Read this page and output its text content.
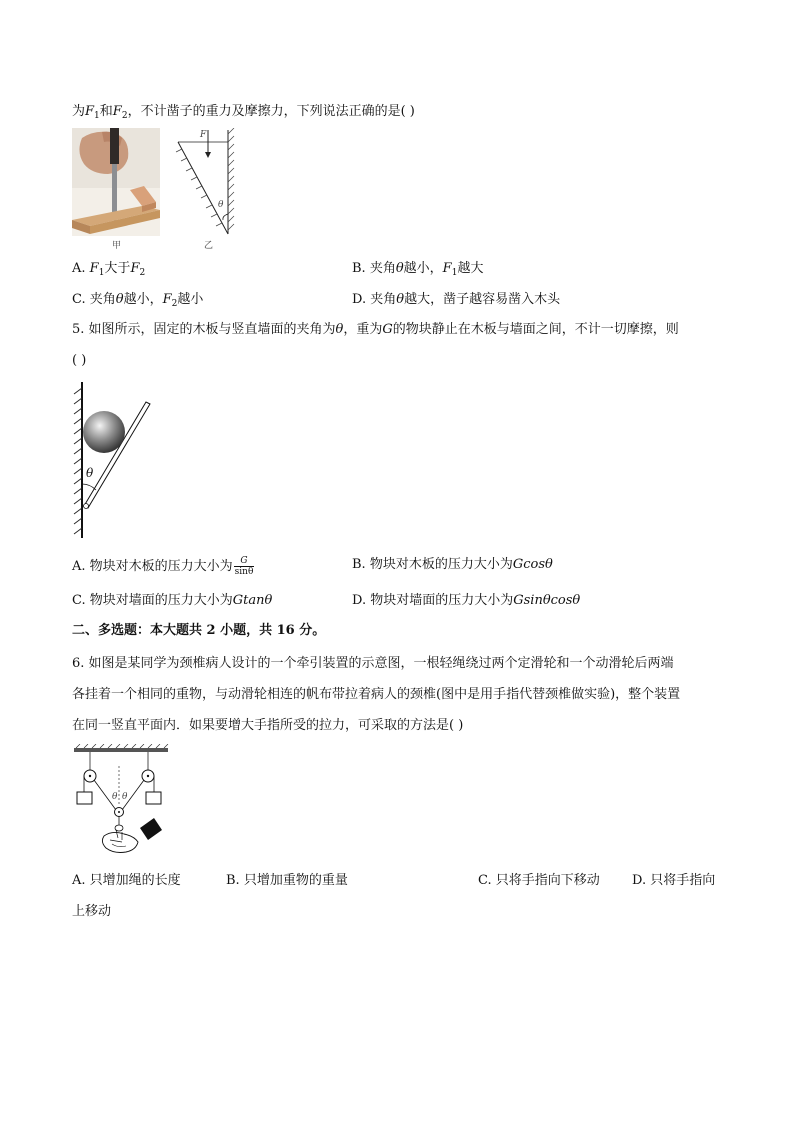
为$F_1$和$F_2$，不计凿子的重力及摩擦力，下列说法正确的是( )
甲
F
θ
乙
A. $F_1$大于$F_2$	B. 夹角θ越小，$F_1$越大
C. 夹角θ越小，$F_2$越小	D. 夹角θ越大，凿子越容易凿入木头
5. 如图所示，固定的木板与竖直墙面的夹角为θ，重为G的物块静止在木板与墙面之间，不计一切摩擦，则
( )
θ
A. 物块对木板的压力大小为 $\frac{G}{\sin\theta}$	B. 物块对木板的压力大小为Gcosθ
C. 物块对墙面的压力大小为Gtanθ	D. 物块对墙面的压力大小为Gsinθcosθ
二、多选题：本大题共 2 小题，共 16 分。
6. 如图是某同学为颈椎病人设计的一个牵引装置的示意图，一根轻绳绕过两个定滑轮和一个动滑轮后两端
各挂着一个相同的重物，与动滑轮相连的帆布带拉着病人的颈椎(图中是用手指代替颈椎做实验)，整个装置
在同一竖直平面内．如果要增大手指所受的拉力，可采取的方法是( )
θ θ
A. 只增加绳的长度	B. 只增加重物的重量	C. 只将手指向下移动 D. 只将手指向
上移动
